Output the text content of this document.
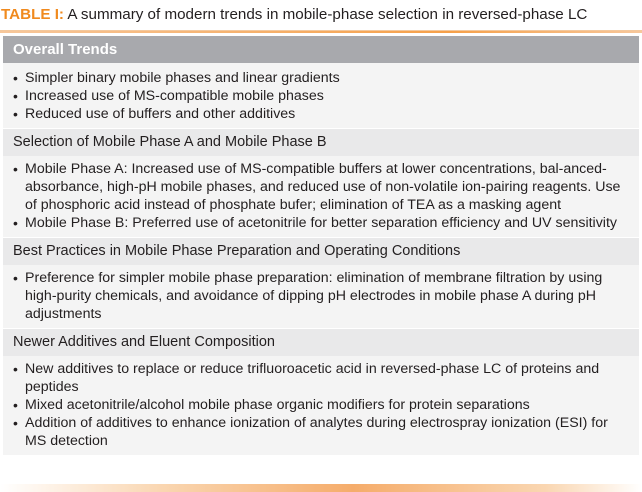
TABLE I: A summary of modern trends in mobile-phase selection in reversed-phase LC
Overall Trends
• Simpler binary mobile phases and linear gradients
• Increased use of MS-compatible mobile phases
• Reduced use of buffers and other additives
Selection of Mobile Phase A and Mobile Phase B
• Mobile Phase A: Increased use of MS-compatible buffers at lower concentrations, bal-anced-absorbance, high-pH mobile phases, and reduced use of non-volatile ion-pairing reagents. Use of phosphoric acid instead of phosphate bufer; elimination of TEA as a masking agent
• Mobile Phase B: Preferred use of acetonitrile for better separation efficiency and UV sensitivity
Best Practices in Mobile Phase Preparation and Operating Conditions
• Preference for simpler mobile phase preparation: elimination of membrane filtration by using high-purity chemicals, and avoidance of dipping pH electrodes in mobile phase A during pH adjustments
Newer Additives and Eluent Composition
• New additives to replace or reduce trifluoroacetic acid in reversed-phase LC of proteins and peptides
• Mixed acetonitrile/alcohol mobile phase organic modifiers for protein separations
• Addition of additives to enhance ionization of analytes during electrospray ionization (ESI) for MS detection
